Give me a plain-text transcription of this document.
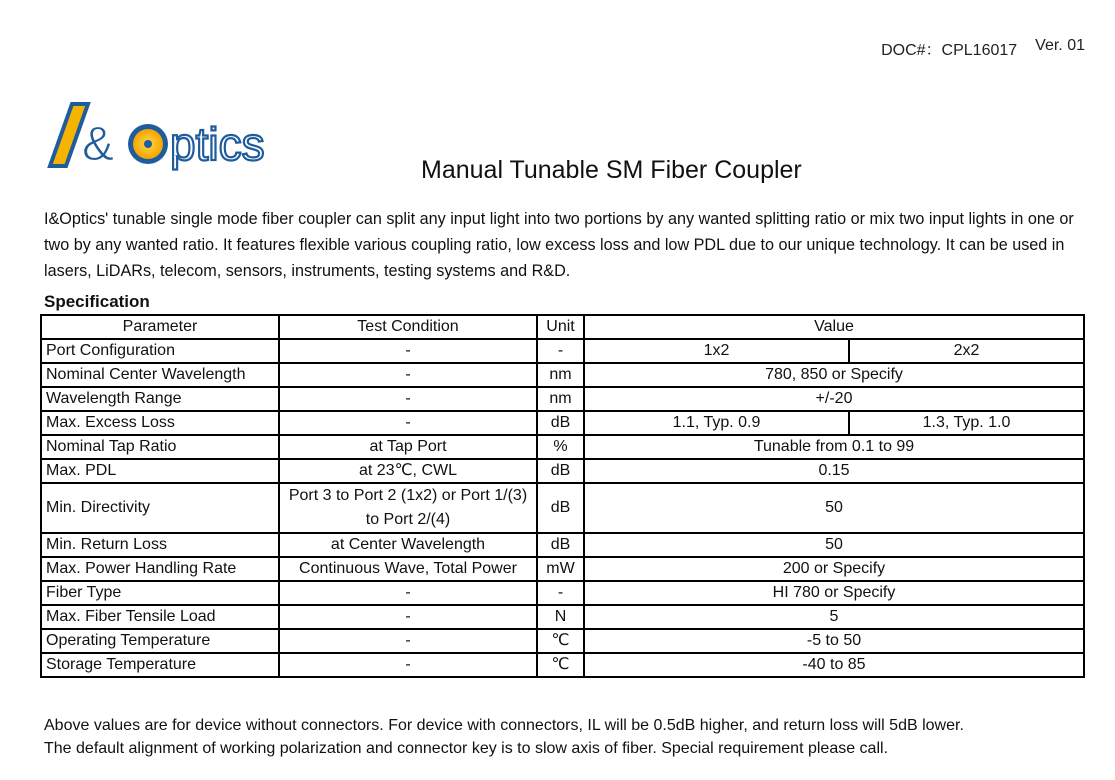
DOC#：CPL16017 Ver. 01
& ptics	Manual Tunable SM Fiber Coupler
I&Optics' tunable single mode fiber coupler can split any input light into two portions by any wanted splitting ratio or mix two input lights in one or two by any wanted ratio. It features flexible various coupling ratio, low excess loss and low PDL due to our unique technology. It can be used in lasers, LiDARs, telecom, sensors, instruments, testing systems and R&D.
Specification
Parameter	Test Condition	Unit	Value	
Port Configuration	-	-	1x2	2x2
Nominal Center Wavelength	-	nm	780, 850 or Specify	
Wavelength Range	-	nm	+/-20	
Max. Excess Loss	-	dB	1.1, Typ. 0.9	1.3, Typ. 1.0
Nominal Tap Ratio	at Tap Port	%	Tunable from 0.1 to 99	
Max. PDL	at 23℃, CWL	dB	0.15	
Min. Directivity	Port 3 to Port 2 (1x2) or Port 1/(3) to Port 2/(4)	dB	50	
Min. Return Loss	at Center Wavelength	dB	50	
Max. Power Handling Rate	Continuous Wave, Total Power	mW	200 or Specify	
Fiber Type	-	-	HI 780 or Specify	
Max. Fiber Tensile Load	-	N	5	
Operating Temperature	-	℃	-5 to 50	
Storage Temperature	-	℃	-40 to 85	
Above values are for device without connectors. For device with connectors, IL will be 0.5dB higher, and return loss will 5dB lower.
The default alignment of working polarization and connector key is to slow axis of fiber. Special requirement please call.
